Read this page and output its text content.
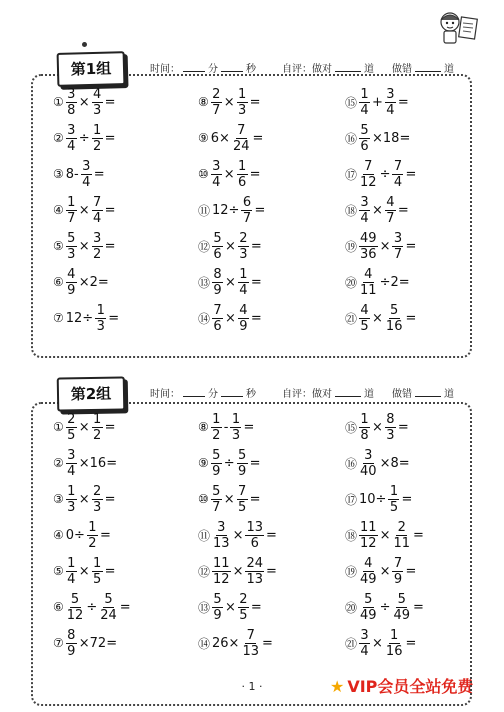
第1组	时间：	分	秒	自评：做对	道 做错	道
① $\frac{3}{8} \times \frac{4}{3}$ =
② $\frac{3}{4} \div \frac{1}{2}$ =
③ $8- \frac{3}{4}$ =
④ $\frac{1}{7} \times \frac{7}{4}$ =
⑤ $\frac{5}{3} \times \frac{3}{2}$ =
⑥ $\frac{4}{9} \times 2=$
⑦ $12\div \frac{1}{3}$ =
⑧ $\frac{2}{7} \times \frac{1}{3}$ =
⑨ $6\times \frac{7}{24}$ =
⑩ $\frac{3}{4} \times \frac{1}{6}$ =
⑪ $12\div \frac{6}{7}$ =
⑫ $\frac{5}{6} \times \frac{2}{3}$ =
⑬ $\frac{8}{9} \times \frac{1}{4}$ =
⑭ $\frac{7}{6} \times \frac{4}{9}$ =
⑮ $\frac{1}{4} + \frac{3}{4}$ =
⑯ $\frac{5}{6} \times 18=$
⑰ $\frac{7}{12} \div \frac{7}{4}$ =
⑱ $\frac{3}{4} \times \frac{4}{7}$ =
⑲ $\frac{49}{36} \times \frac{3}{7}$ =
⑳ $\frac{4}{11} \div 2=$
㉑ $\frac{4}{5} \times \frac{5}{16}$ =
第2组	时间：	分	秒	自评：做对	道 做错	道
① $\frac{2}{5} \times \frac{1}{2}$ =
② $\frac{3}{4} \times 16=$
③ $\frac{1}{3} \times \frac{2}{3}$ =
④ $0\div \frac{1}{2}$ =
⑤ $\frac{1}{4} \times \frac{1}{5}$ =
⑥ $\frac{5}{12} \div \frac{5}{24}$ =
⑦ $\frac{8}{9} \times 72=$
⑧ $\frac{1}{2} - \frac{1}{3}$ =
⑨ $\frac{5}{9} \div \frac{5}{9}$ =
⑩ $\frac{5}{7} \times \frac{7}{5}$ =
⑪ $\frac{3}{13} \times \frac{13}{6}$ =
⑫ $\frac{11}{12} \times \frac{24}{13}$ =
⑬ $\frac{5}{9} \times \frac{2}{5}$ =
⑭ $26\times \frac{7}{13}$ =
⑮ $\frac{1}{8} \times \frac{8}{3}$ =
⑯ $\frac{3}{40} \times 8=$
⑰ $10\div \frac{1}{5}$ =
⑱ $\frac{11}{12} \times \frac{2}{11}$ =
⑲ $\frac{4}{49} \times \frac{7}{9}$ =
⑳ $\frac{5}{49} \div \frac{5}{49}$ =
㉑ $\frac{3}{4} \times \frac{1}{16}$ =
· 1 ·	★ VIP会员全站免费
